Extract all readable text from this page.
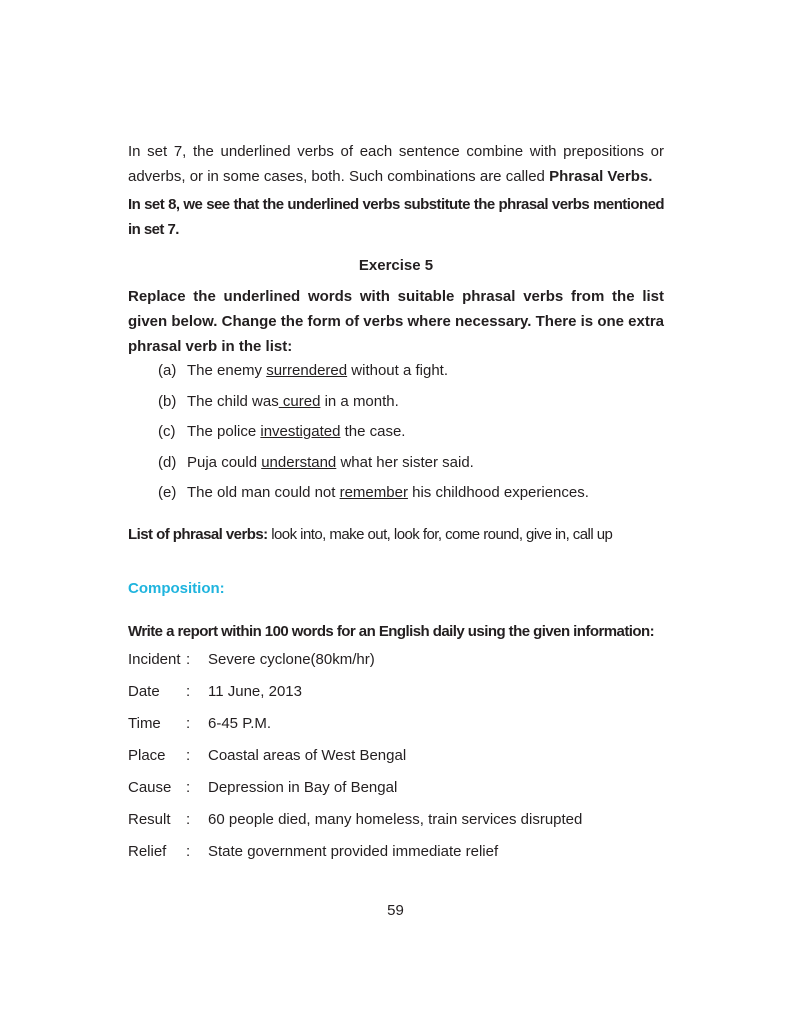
In set 7, the underlined verbs of each sentence combine with prepositions or adverbs, or in some cases, both. Such combinations are called Phrasal Verbs.

In set 8, we see that the underlined verbs substitute the phrasal verbs mentioned in set 7.

Exercise 5

Replace the underlined words with suitable phrasal verbs from the list given below. Change the form of verbs where necessary. There is one extra phrasal verb in the list:

(a) The enemy surrendered without a fight.
(b) The child was cured in a month.
(c) The police investigated the case.
(d) Puja could understand what her sister said.
(e) The old man could not remember his childhood experiences.
List of phrasal verbs: look into, make out, look for, come round, give in, call up
Composition:
Write a report within 100 words for an English daily using the given information:
Incident : Severe cyclone(80km/hr)
Date : 11 June, 2013
Time : 6-45 P.M.
Place : Coastal areas of West Bengal
Cause : Depression in Bay of Bengal
Result : 60 people died, many homeless, train services disrupted
Relief : State government provided immediate relief
59
